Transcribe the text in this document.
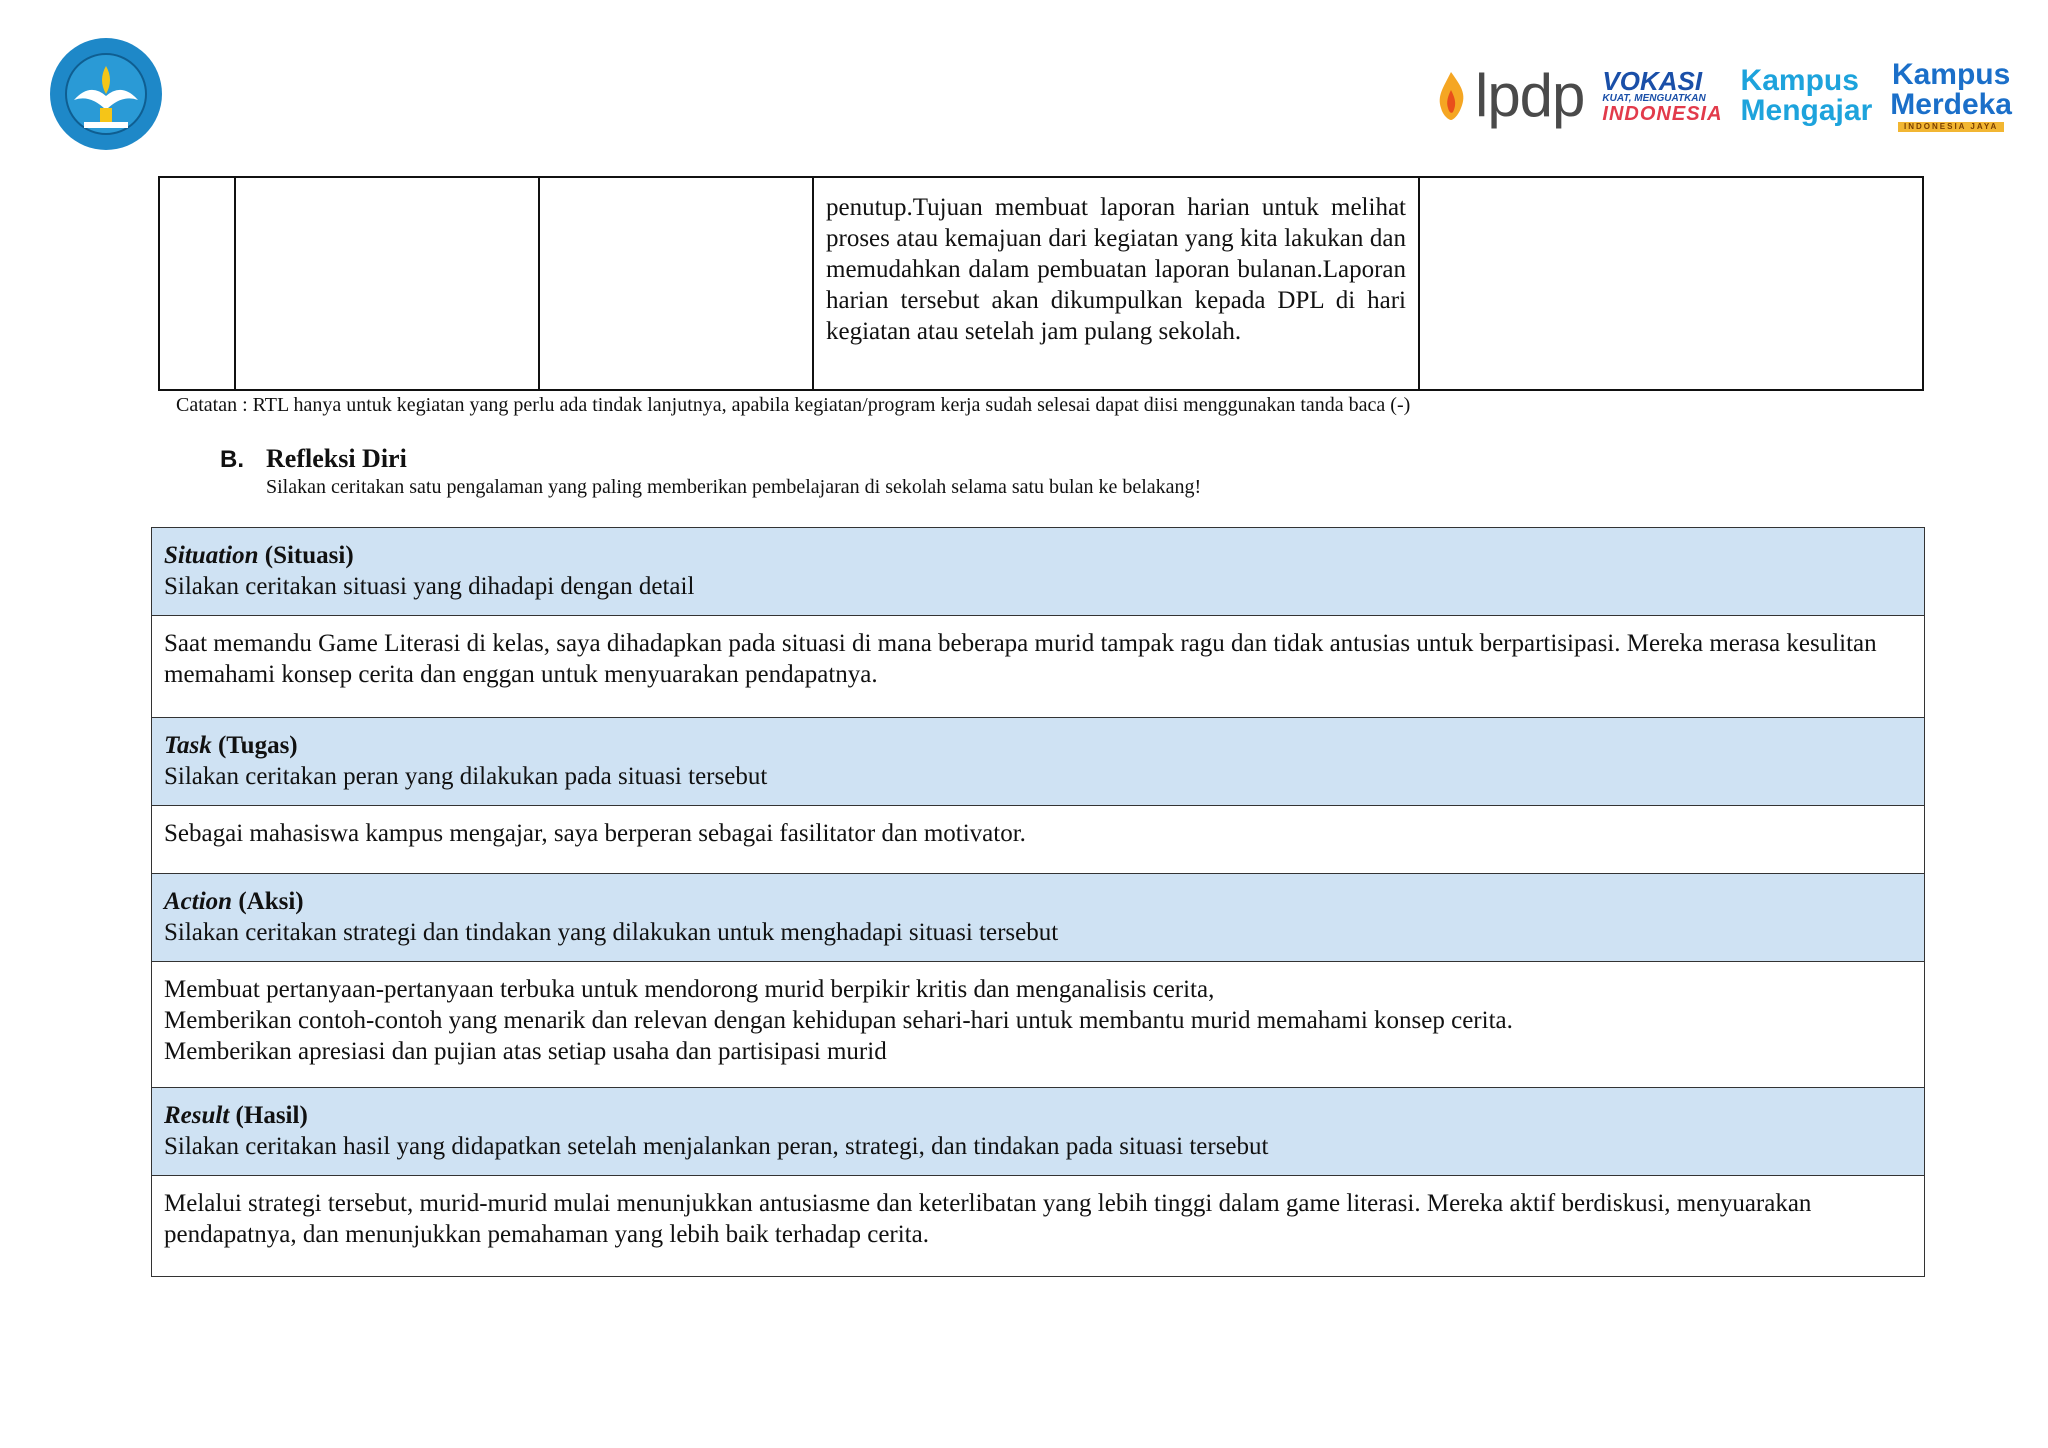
lpdp VOKASI
KUAT, MENGUATKAN
INDONESIA
Kampus
Mengajar
Kampus
Merdeka
INDONESIA JAYA

penutup.Tujuan membuat laporan harian untuk melihat proses atau kemajuan dari kegiatan yang kita lakukan dan memudahkan dalam pembuatan laporan bulanan.Laporan harian tersebut akan dikumpulkan kepada DPL di hari kegiatan atau setelah jam pulang sekolah.

Catatan : RTL hanya untuk kegiatan yang perlu ada tindak lanjutnya, apabila kegiatan/program kerja sudah selesai dapat diisi menggunakan tanda baca (-)
B. Refleksi Diri
Silakan ceritakan satu pengalaman yang paling memberikan pembelajaran di sekolah selama satu bulan ke belakang!
Situation (Situasi)
Silakan ceritakan situasi yang dihadapi dengan detail
Saat memandu Game Literasi di kelas, saya dihadapkan pada situasi di mana beberapa murid tampak ragu dan tidak antusias untuk berpartisipasi. Mereka merasa kesulitan memahami konsep cerita dan enggan untuk menyuarakan pendapatnya.
Task (Tugas)
Silakan ceritakan peran yang dilakukan pada situasi tersebut
Sebagai mahasiswa kampus mengajar, saya berperan sebagai fasilitator dan motivator.
Action (Aksi)
Silakan ceritakan strategi dan tindakan yang dilakukan untuk menghadapi situasi tersebut
Membuat pertanyaan-pertanyaan terbuka untuk mendorong murid berpikir kritis dan menganalisis cerita,
Memberikan contoh-contoh yang menarik dan relevan dengan kehidupan sehari-hari untuk membantu murid memahami konsep cerita.
Memberikan apresiasi dan pujian atas setiap usaha dan partisipasi murid
Result (Hasil)
Silakan ceritakan hasil yang didapatkan setelah menjalankan peran, strategi, dan tindakan pada situasi tersebut
Melalui strategi tersebut, murid-murid mulai menunjukkan antusiasme dan keterlibatan yang lebih tinggi dalam game literasi. Mereka aktif berdiskusi, menyuarakan pendapatnya, dan menunjukkan pemahaman yang lebih baik terhadap cerita.
